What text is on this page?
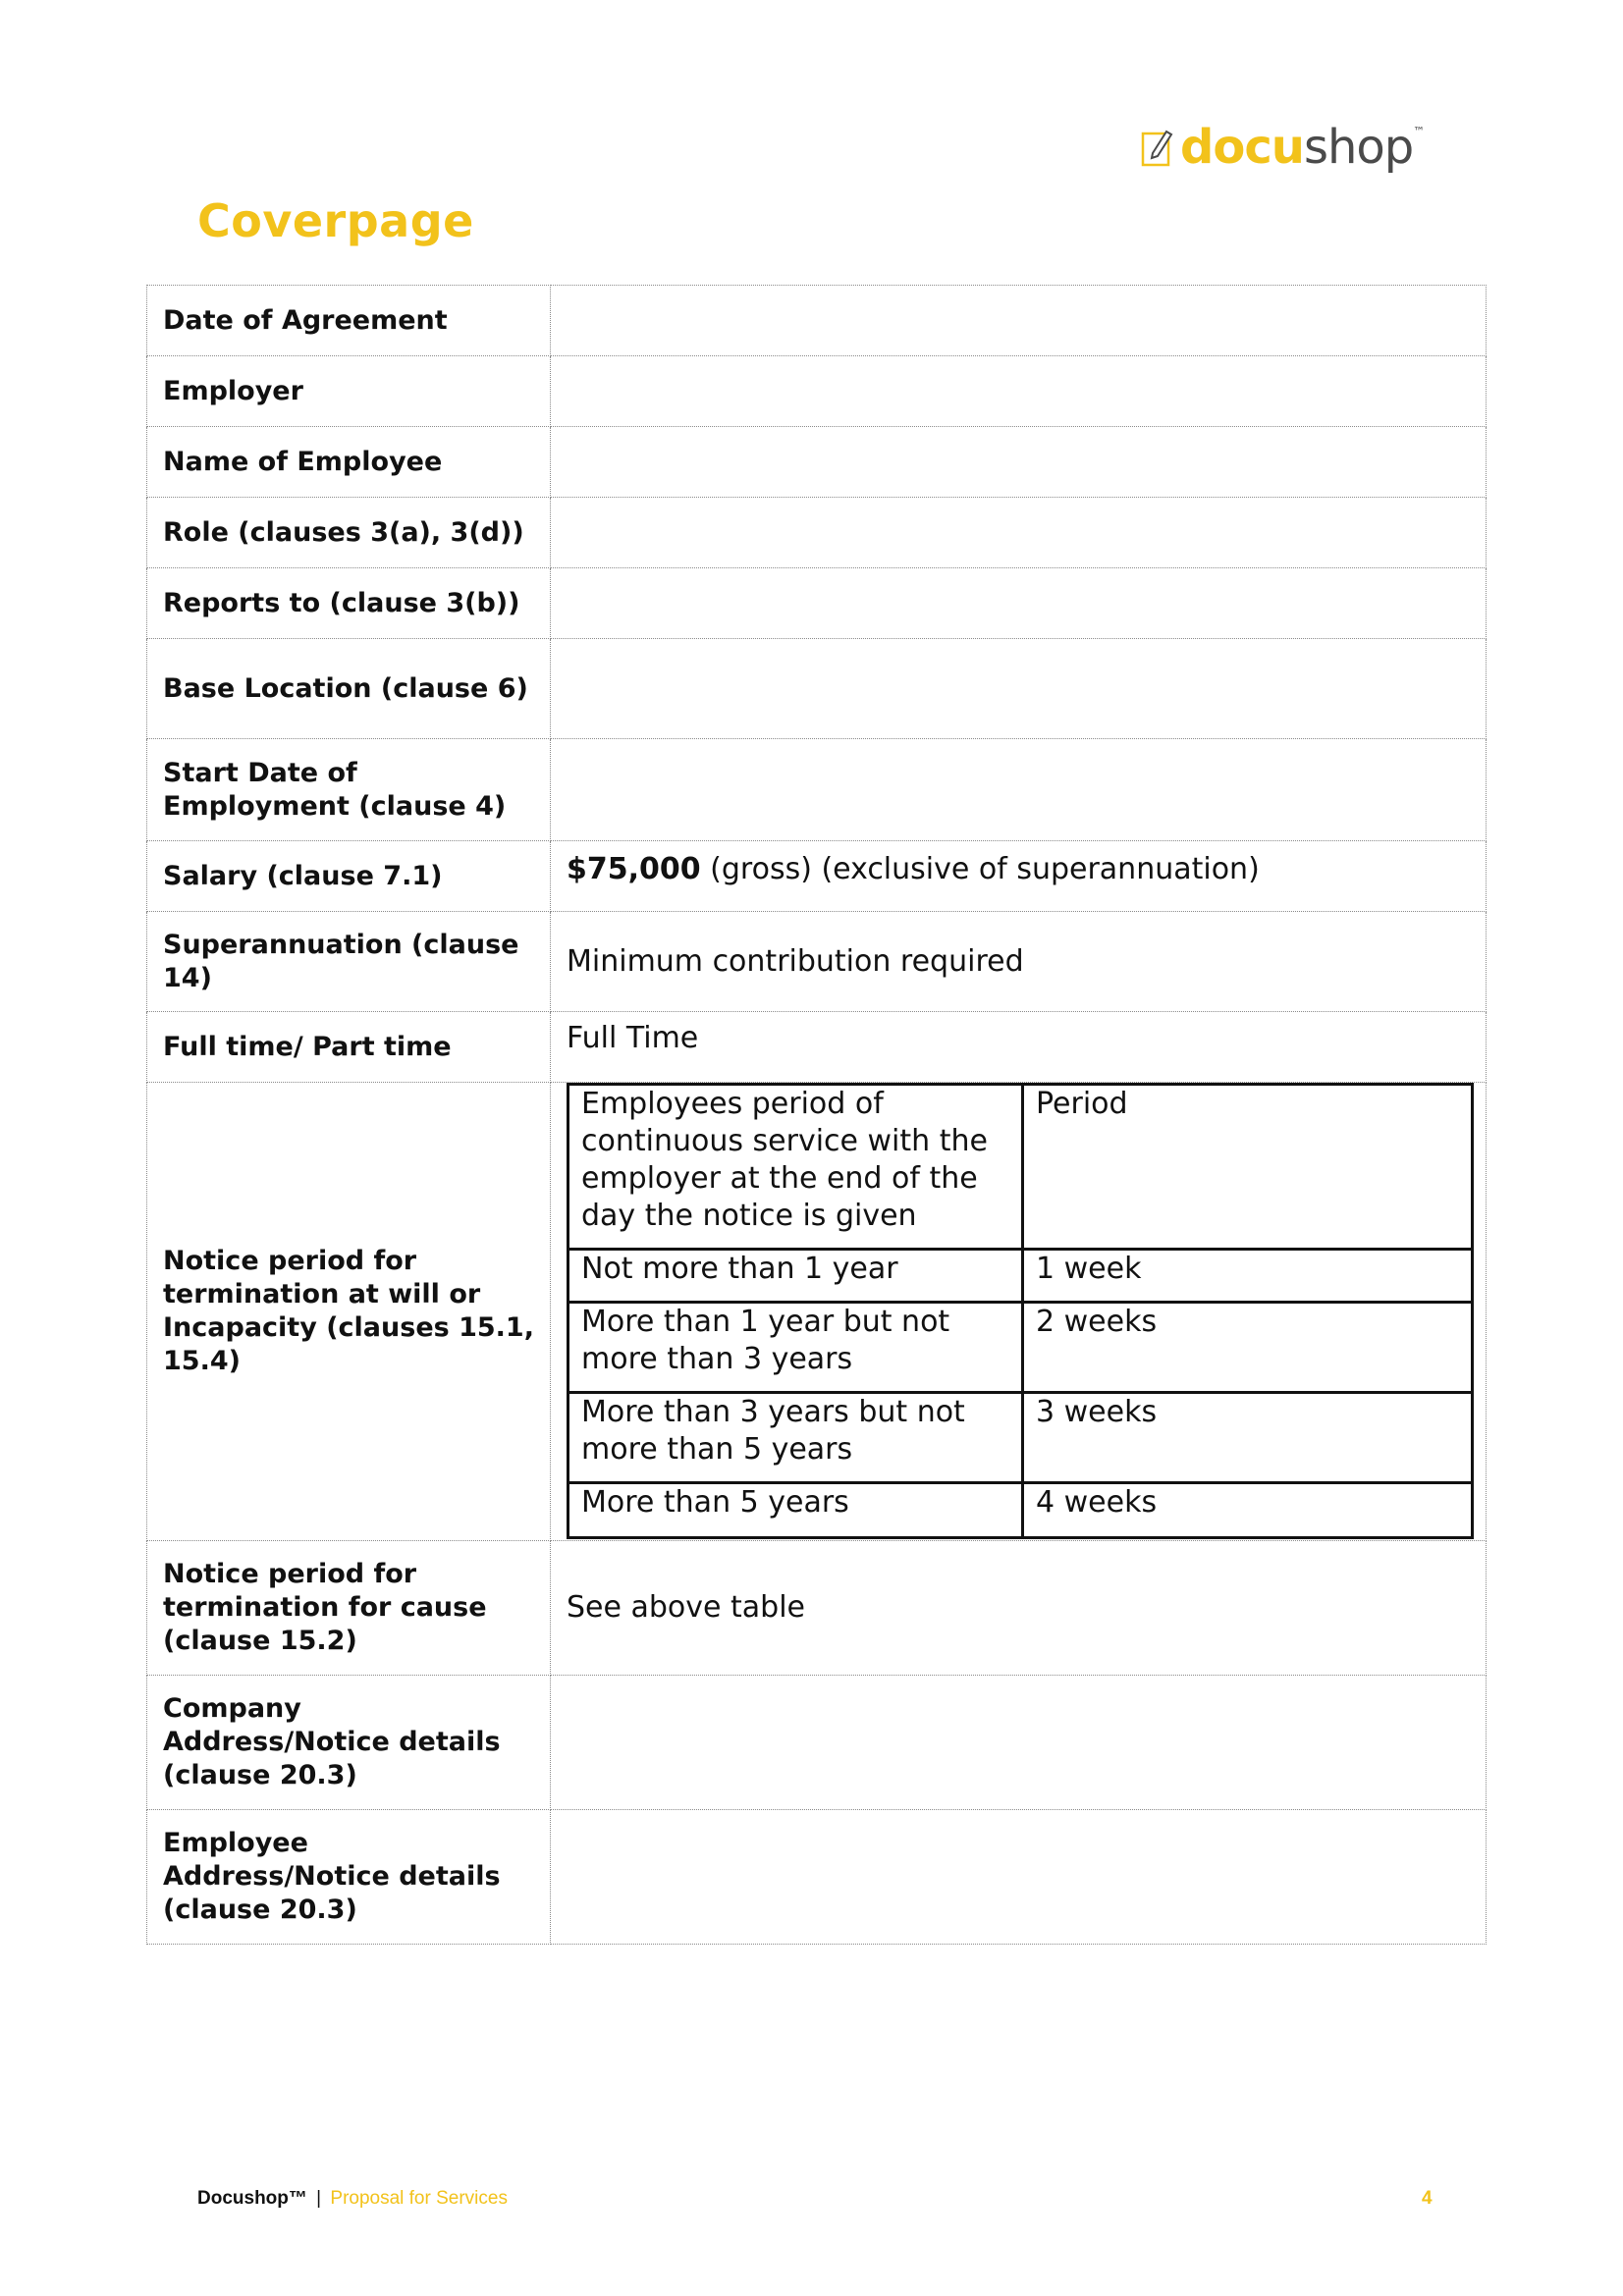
docushop™
Coverpage
Date of Agreement	
Employer	
Name of Employee	
Role (clauses 3(a), 3(d))	
Reports to (clause 3(b))	
Base Location (clause 6)	
Start Date of Employment (clause 4)	
Salary (clause 7.1)	$75,000 (gross) (exclusive of superannuation)
Superannuation (clause 14)	Minimum contribution required
Full time/ Part time	Full Time
Notice period for termination at will or Incapacity (clauses 15.1, 15.4)	
Employees period of continuous service with the employer at the end of the day the notice is given	Period
Not more than 1 year	1 week
More than 1 year but not more than 3 years	2 weeks
More than 3 years but not more than 5 years	3 weeks
More than 5 years	4 weeks

Notice period for termination for cause (clause 15.2)	See above table
Company Address/Notice details (clause 20.3)	
Employee Address/Notice details (clause 20.3)	
Docushop™ | Proposal for Services	4
